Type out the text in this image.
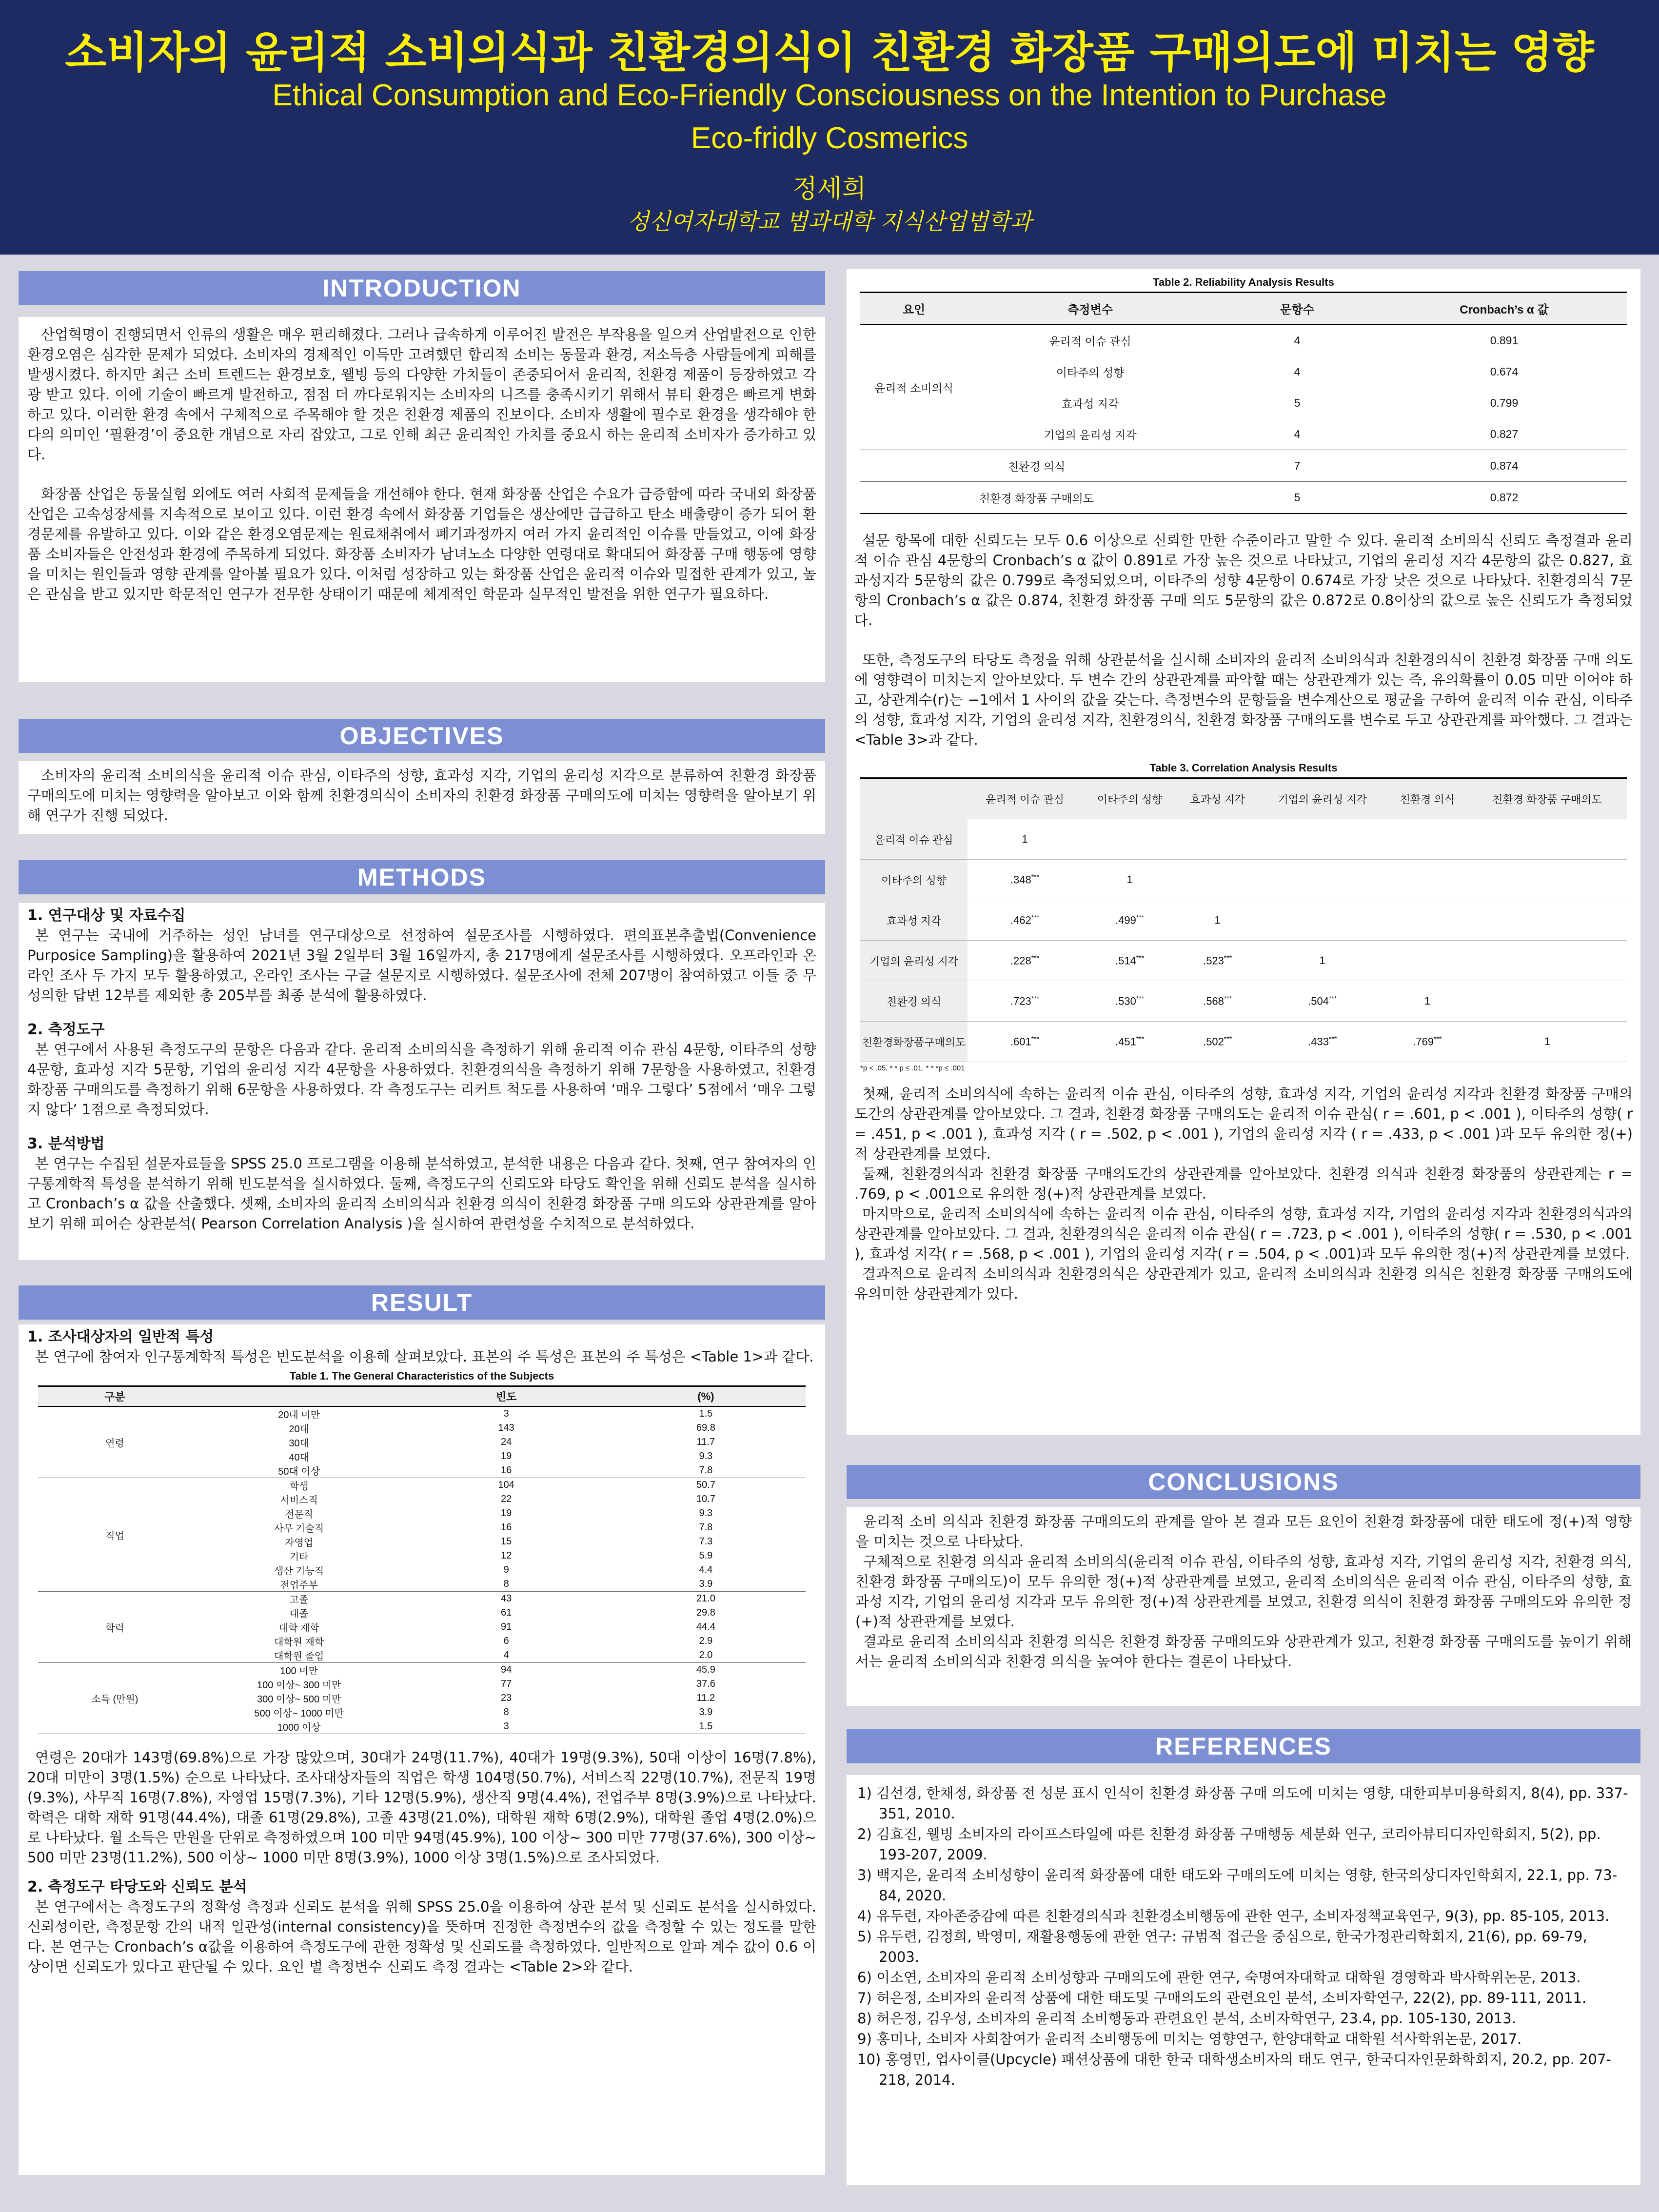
소비자의 윤리적 소비의식과 친환경의식이 친환경 화장품 구매의도에 미치는 영향
Ethical Consumption and Eco-Friendly Consciousness on the Intention to Purchase
Eco-fridly Cosmerics
정세희
성신여자대학교 법과대학 지식산업법학과
INTRODUCTION

산업혁명이 진행되면서 인류의 생활은 매우 편리해졌다. 그러나 급속하게 이루어진 발전은 부작용을 일으켜 산업발전으로 인한 환경오염은 심각한 문제가 되었다. 소비자의 경제적인 이득만 고려했던 합리적 소비는 동물과 환경, 저소득층 사람들에게 피해를 발생시켰다. 하지만 최근 소비 트렌드는 환경보호, 웰빙 등의 다양한 가치들이 존중되어서 윤리적, 친환경 제품이 등장하였고 각광 받고 있다. 이에 기술이 빠르게 발전하고, 점점 더 까다로워지는 소비자의 니즈를 충족시키기 위해서 뷰티 환경은 빠르게 변화하고 있다. 이러한 환경 속에서 구체적으로 주목해야 할 것은 친환경 제품의 진보이다. 소비자 생활에 필수로 환경을 생각해야 한다의 의미인 ‘필환경’이 중요한 개념으로 자리 잡았고, 그로 인해 최근 윤리적인 가치를 중요시 하는 윤리적 소비자가 증가하고 있다.

화장품 산업은 동물실험 외에도 여러 사회적 문제들을 개선해야 한다. 현재 화장품 산업은 수요가 급증함에 따라 국내외 화장품 산업은 고속성장세를 지속적으로 보이고 있다. 이런 환경 속에서 화장품 기업들은 생산에만 급급하고 탄소 배출량이 증가 되어 환경문제를 유발하고 있다. 이와 같은 환경오염문제는 원료채취에서 폐기과정까지 여러 가지 윤리적인 이슈를 만들었고, 이에 화장품 소비자들은 안전성과 환경에 주목하게 되었다. 화장품 소비자가 남녀노소 다양한 연령대로 확대되어 화장품 구매 행동에 영향을 미치는 원인들과 영향 관계를 알아볼 필요가 있다. 이처럼 성장하고 있는 화장품 산업은 윤리적 이슈와 밀접한 관계가 있고, 높은 관심을 받고 있지만 학문적인 연구가 전무한 상태이기 때문에 체계적인 학문과 실무적인 발전을 위한 연구가 필요하다.

OBJECTIVES

소비자의 윤리적 소비의식을 윤리적 이슈 관심, 이타주의 성향, 효과성 지각, 기업의 윤리성 지각으로 분류하여 친환경 화장품 구매의도에 미치는 영향력을 알아보고 이와 함께 친환경의식이 소비자의 친환경 화장품 구매의도에 미치는 영향력을 알아보기 위해 연구가 진행 되었다.

METHODS

1. 연구대상 및 자료수집

본 연구는 국내에 거주하는 성인 남녀를 연구대상으로 선정하여 설문조사를 시행하였다. 편의표본추출법(Convenience Purposice Sampling)을 활용하여 2021년 3월 2일부터 3월 16일까지, 총 217명에게 설문조사를 시행하였다. 오프라인과 온라인 조사 두 가지 모두 활용하였고, 온라인 조사는 구글 설문지로 시행하였다. 설문조사에 전체 207명이 참여하였고 이들 중 무성의한 답변 12부를 제외한 총 205부를 최종 분석에 활용하였다.

2. 측정도구

본 연구에서 사용된 측정도구의 문항은 다음과 같다. 윤리적 소비의식을 측정하기 위해 윤리적 이슈 관심 4문항, 이타주의 성향 4문항, 효과성 지각 5문항, 기업의 윤리성 지각 4문항을 사용하였다. 친환경의식을 측정하기 위해 7문항을 사용하였고, 친환경 화장품 구매의도를 측정하기 위해 6문항을 사용하였다. 각 측정도구는 리커트 척도를 사용하여 ‘매우 그렇다’ 5점에서 ‘매우 그렇지 않다’ 1점으로 측정되었다.

3. 분석방법

본 연구는 수집된 설문자료들을 SPSS 25.0 프로그램을 이용해 분석하였고, 분석한 내용은 다음과 같다. 첫째, 연구 참여자의 인구통계학적 특성을 분석하기 위해 빈도분석을 실시하였다. 둘째, 측정도구의 신뢰도와 타당도 확인을 위해 신뢰도 분석을 실시하고 Cronbach’s α 값을 산출했다. 셋째, 소비자의 윤리적 소비의식과 친환경 의식이 친환경 화장품 구매 의도와 상관관계를 알아보기 위해 피어슨 상관분석( Pearson Correlation Analysis )을 실시하여 관련성을 수치적으로 분석하였다.

RESULT

1. 조사대상자의 일반적 특성

본 연구에 참여자 인구통계학적 특성은 빈도분석을 이용해 살펴보았다. 표본의 주 특성은 표본의 주 특성은 <Table 1>과 같다.

Table 1. The General Characteristics of the Subjects
구분		빈도	(%)
연령	20대 미만	3	1.5
	20대	143	69.8
	30대	24	11.7
	40대	19	9.3
	50대 이상	16	7.8
직업	학생	104	50.7
	서비스직	22	10.7
	전문직	19	9.3
	사무 기술직	16	7.8
	자영업	15	7.3
	기타	12	5.9
	생산 기능직	9	4.4
	전업주부	8	3.9
학력	고졸	43	21.0
	대졸	61	29.8
	대학 재학	91	44.4
	대학원 재학	6	2.9
	대학원 졸업	4	2.0
소득 (만원)	100 미만	94	45.9
	100 이상~ 300 미만	77	37.6
	300 이상~ 500 미만	23	11.2
	500 이상~ 1000 미만	8	3.9
	1000 이상	3	1.5

연령은 20대가 143명(69.8%)으로 가장 많았으며, 30대가 24명(11.7%), 40대가 19명(9.3%), 50대 이상이 16명(7.8%), 20대 미만이 3명(1.5%) 순으로 나타났다. 조사대상자들의 직업은 학생 104명(50.7%), 서비스직 22명(10.7%), 전문직 19명(9.3%), 사무직 16명(7.8%), 자영업 15명(7.3%), 기타 12명(5.9%), 생산직 9명(4.4%), 전업주부 8명(3.9%)으로 나타났다. 학력은 대학 재학 91명(44.4%), 대졸 61명(29.8%), 고졸 43명(21.0%), 대학원 재학 6명(2.9%), 대학원 졸업 4명(2.0%)으로 나타났다. 월 소득은 만원을 단위로 측정하였으며 100 미만 94명(45.9%), 100 이상~ 300 미만 77명(37.6%), 300 이상~ 500 미만 23명(11.2%), 500 이상~ 1000 미만 8명(3.9%), 1000 이상 3명(1.5%)으로 조사되었다.

2. 측정도구 타당도와 신뢰도 분석

본 연구에서는 측정도구의 정확성 측정과 신뢰도 분석을 위해 SPSS 25.0을 이용하여 상관 분석 및 신뢰도 분석을 실시하였다. 신뢰성이란, 측정문항 간의 내적 일관성(internal consistency)을 뜻하며 진정한 측정변수의 값을 측정할 수 있는 정도를 말한다. 본 연구는 Cronbach’s α값을 이용하여 측정도구에 관한 정확성 및 신뢰도를 측정하였다. 일반적으로 알파 계수 값이 0.6 이상이면 신뢰도가 있다고 판단될 수 있다. 요인 별 측정변수 신뢰도 측정 결과는 <Table 2>와 같다.

Table 2. Reliability Analysis Results
요인	측정변수	문항수	Cronbach’s α 값
윤리적 소비의식	윤리적 이슈 관심	4	0.891
	이타주의 성향	4	0.674
	효과성 지각	5	0.799
	기업의 윤리성 지각	4	0.827
친환경 의식		7	0.874
친환경 화장품 구매의도		5	0.872

설문 항목에 대한 신뢰도는 모두 0.6 이상으로 신뢰할 만한 수준이라고 말할 수 있다. 윤리적 소비의식 신뢰도 측정결과 윤리적 이슈 관심 4문항의 Cronbach’s α 값이 0.891로 가장 높은 것으로 나타났고, 기업의 윤리성 지각 4문항의 값은 0.827, 효과성지각 5문항의 값은 0.799로 측정되었으며, 이타주의 성향 4문항이 0.674로 가장 낮은 것으로 나타났다. 친환경의식 7문항의 Cronbach’s α 값은 0.874, 친환경 화장품 구매 의도 5문항의 값은 0.872로 0.8이상의 값으로 높은 신뢰도가 측정되었다.

또한, 측정도구의 타당도 측정을 위해 상관분석을 실시해 소비자의 윤리적 소비의식과 친환경의식이 친환경 화장품 구매 의도에 영향력이 미치는지 알아보았다. 두 변수 간의 상관관계를 파악할 때는 상관관계가 있는 즉, 유의확률이 0.05 미만 이어야 하고, 상관계수(r)는 −1에서 1 사이의 값을 갖는다. 측정변수의 문항들을 변수계산으로 평균을 구하여 윤리적 이슈 관심, 이타주의 성향, 효과성 지각, 기업의 윤리성 지각, 친환경의식, 친환경 화장품 구매의도를 변수로 두고 상관관계를 파악했다. 그 결과는 <Table 3>과 같다.

Table 3. Correlation Analysis Results
	윤리적 이슈 관심	이타주의 성향	효과성 지각	기업의 윤리성 지각	친환경 의식	친환경 화장품 구매의도
윤리적 이슈 관심	1					
이타주의 성향	.348***	1				
효과성 지각	.462***	.499***	1			
기업의 윤리성 지각	.228***	.514***	.523***	1		
친환경 의식	.723***	.530***	.568***	.504***	1	
친환경화장품구매의도	.601***	.451***	.502***	.433***	.769***	1
*p < .05, * * p ≤ .01, * * *p ≤ .001

첫째, 윤리적 소비의식에 속하는 윤리적 이슈 관심, 이타주의 성향, 효과성 지각, 기업의 윤리성 지각과 친환경 화장품 구매의도간의 상관관계를 알아보았다. 그 결과, 친환경 화장품 구매의도는 윤리적 이슈 관심( r = .601, p < .001 ), 이타주의 성향( r = .451, p < .001 ), 효과성 지각 ( r = .502, p < .001 ), 기업의 윤리성 지각 ( r = .433, p < .001 )과 모두 유의한 정(+)적 상관관계를 보였다.

둘째, 친환경의식과 친환경 화장품 구매의도간의 상관관계를 알아보았다. 친환경 의식과 친환경 화장품의 상관관계는 r = .769, p < .001으로 유의한 정(+)적 상관관계를 보였다.

마지막으로, 윤리적 소비의식에 속하는 윤리적 이슈 관심, 이타주의 성향, 효과성 지각, 기업의 윤리성 지각과 친환경의식과의 상관관계를 알아보았다. 그 결과, 친환경의식은 윤리적 이슈 관심( r = .723, p < .001 ), 이타주의 성향( r = .530, p < .001 ), 효과성 지각( r = .568, p < .001 ), 기업의 윤리성 지각( r = .504, p < .001)과 모두 유의한 정(+)적 상관관계를 보였다.

결과적으로 윤리적 소비의식과 친환경의식은 상관관계가 있고, 윤리적 소비의식과 친환경 의식은 친환경 화장품 구매의도에 유의미한 상관관계가 있다.

CONCLUSIONS

윤리적 소비 의식과 친환경 화장품 구매의도의 관계를 알아 본 결과 모든 요인이 친환경 화장품에 대한 태도에 정(+)적 영향을 미치는 것으로 나타났다.

구체적으로 친환경 의식과 윤리적 소비의식(윤리적 이슈 관심, 이타주의 성향, 효과성 지각, 기업의 윤리성 지각, 친환경 의식, 친환경 화장품 구매의도)이 모두 유의한 정(+)적 상관관계를 보였고, 윤리적 소비의식은 윤리적 이슈 관심, 이타주의 성향, 효과성 지각, 기업의 윤리성 지각과 모두 유의한 정(+)적 상관관계를 보였고, 친환경 의식이 친환경 화장품 구매의도와 유의한 정(+)적 상관관계를 보였다.

결과로 윤리적 소비의식과 친환경 의식은 친환경 화장품 구매의도와 상관관계가 있고, 친환경 화장품 구매의도를 높이기 위해서는 윤리적 소비의식과 친환경 의식을 높여야 한다는 결론이 나타났다.

REFERENCES

1) 김선경, 한채정, 화장품 전 성분 표시 인식이 친환경 화장품 구매 의도에 미치는 영향, 대한피부미용학회지, 8(4), pp. 337-351, 2010.

2) 김효진, 웰빙 소비자의 라이프스타일에 따른 친환경 화장품 구매행동 세분화 연구, 코리아뷰티디자인학회지, 5(2), pp. 193-207, 2009.

3) 백지은, 윤리적 소비성향이 윤리적 화장품에 대한 태도와 구매의도에 미치는 영향, 한국의상디자인학회지, 22.1, pp. 73-84, 2020.

4) 유두련, 자아존중감에 따른 친환경의식과 친환경소비행동에 관한 연구, 소비자정책교육연구, 9(3), pp. 85-105, 2013.

5) 유두련, 김정희, 박영미, 재활용행동에 관한 연구: 규범적 접근을 중심으로, 한국가정관리학회지, 21(6), pp. 69-79, 2003.

6) 이소연, 소비자의 윤리적 소비성향과 구매의도에 관한 연구, 숙명여자대학교 대학원 경영학과 박사학위논문, 2013.

7) 허은정, 소비자의 윤리적 상품에 대한 태도및 구매의도의 관련요인 분석, 소비자학연구, 22(2), pp. 89-111, 2011.

8) 허은정, 김우성, 소비자의 윤리적 소비행동과 관련요인 분석, 소비자학연구, 23.4, pp. 105-130, 2013.

9) 홍미나, 소비자 사회참여가 윤리적 소비행동에 미치는 영향연구, 한양대학교 대학원 석사학위논문, 2017.

10) 홍영민, 업사이클(Upcycle) 패션상품에 대한 한국 대학생소비자의 태도 연구, 한국디자인문화학회지, 20.2, pp. 207-218, 2014.
